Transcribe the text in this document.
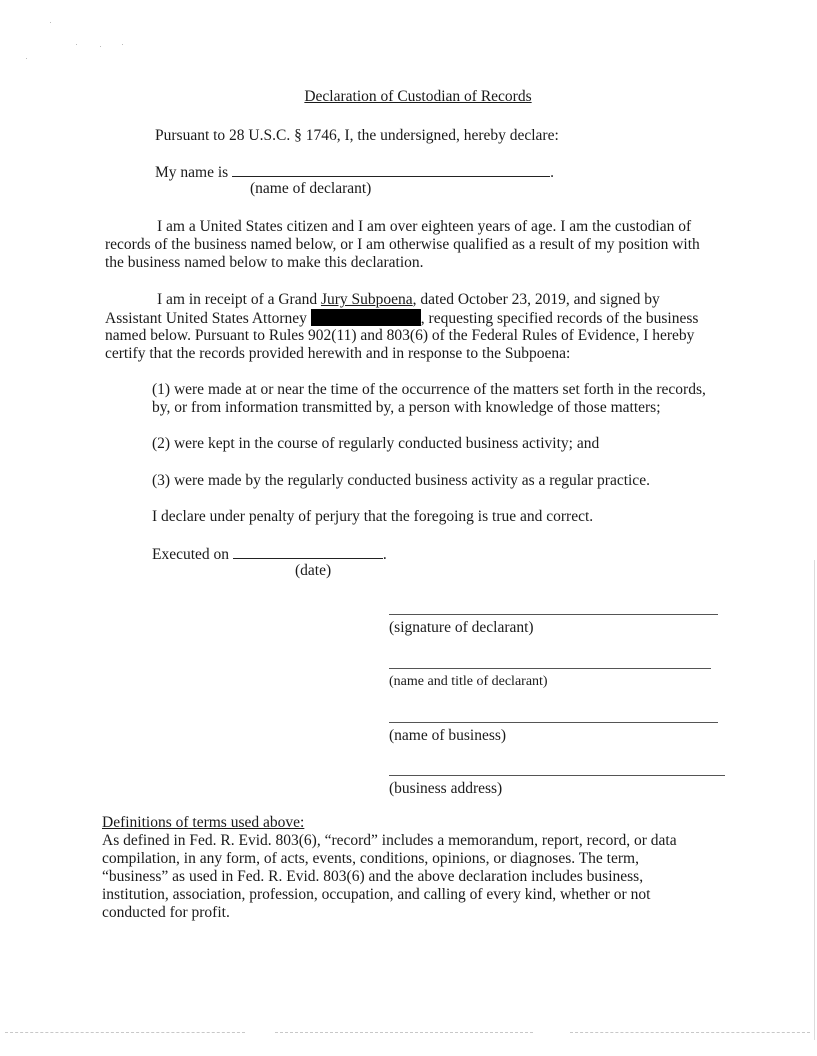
Declaration of Custodian of Records
Pursuant to 28 U.S.C. § 1746, I, the undersigned, hereby declare:
My name is	.
(name of declarant)
I am a United States citizen and I am over eighteen years of age. I am the custodian of
records of the business named below, or I am otherwise qualified as a result of my position with
the business named below to make this declaration.
I am in receipt of a Grand Jury Subpoena, dated October 23, 2019, and signed by
Assistant United States Attorney	, requesting specified records of the business
named below. Pursuant to Rules 902(11) and 803(6) of the Federal Rules of Evidence, I hereby
certify that the records provided herewith and in response to the Subpoena:
(1) were made at or near the time of the occurrence of the matters set forth in the records,
by, or from information transmitted by, a person with knowledge of those matters;
(2) were kept in the course of regularly conducted business activity; and
(3) were made by the regularly conducted business activity as a regular practice.
I declare under penalty of perjury that the foregoing is true and correct.
Executed on	.
(date)
(signature of declarant)
(name and title of declarant)
(name of business)
(business address)
Definitions of terms used above:
As defined in Fed. R. Evid. 803(6), “record” includes a memorandum, report, record, or data
compilation, in any form, of acts, events, conditions, opinions, or diagnoses. The term,
“business” as used in Fed. R. Evid. 803(6) and the above declaration includes business,
institution, association, profession, occupation, and calling of every kind, whether or not
conducted for profit.
